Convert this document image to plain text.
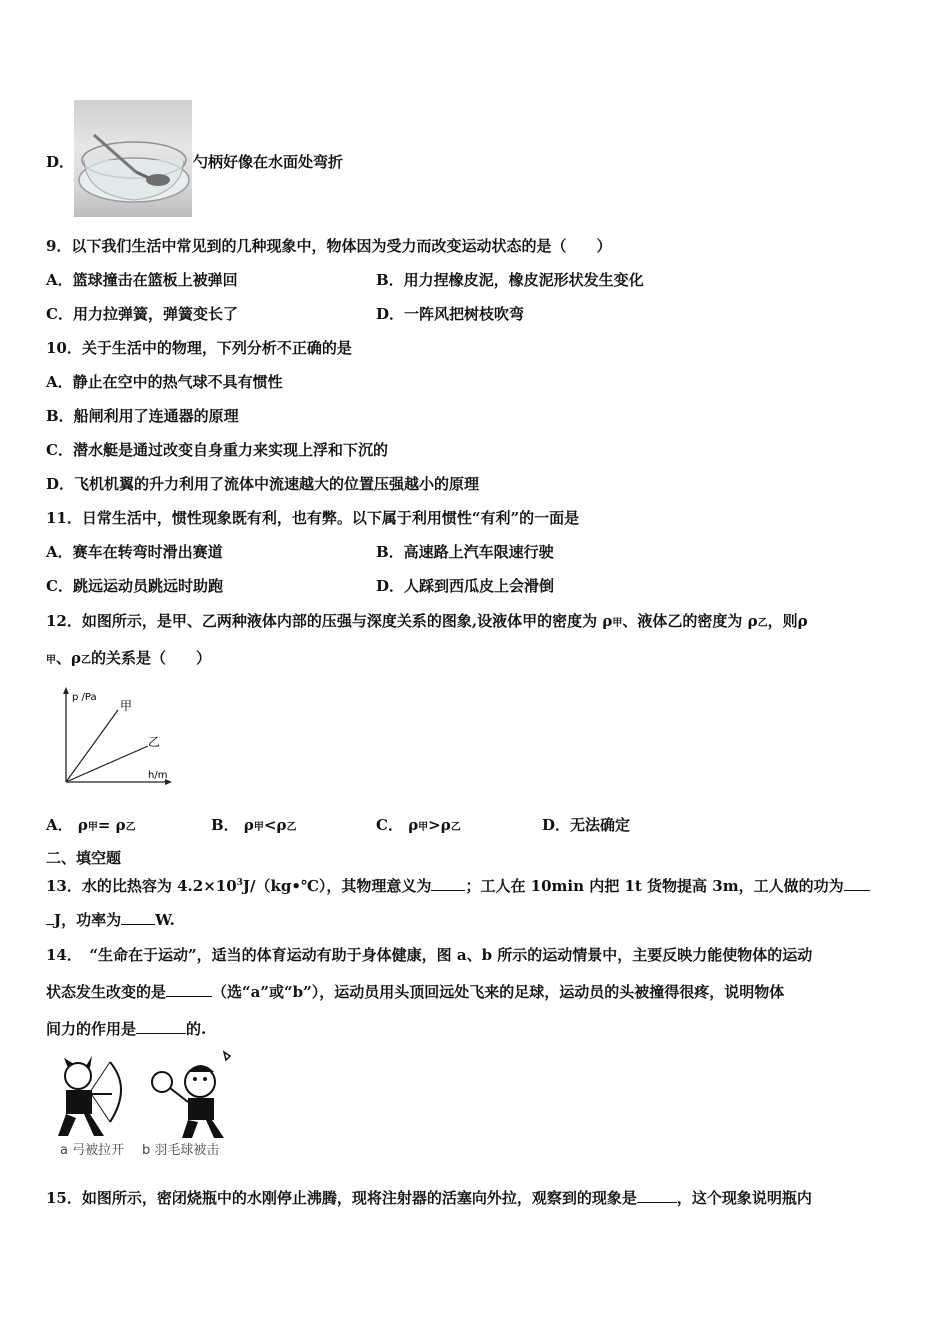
D．	勺柄好像在水面处弯折
9．以下我们生活中常见到的几种现象中，物体因为受力而改变运动状态的是（　　）
A．篮球撞击在篮板上被弹回	B．用力捏橡皮泥，橡皮泥形状发生变化
C．用力拉弹簧，弹簧变长了	D．一阵风把树枝吹弯
10．关于生活中的物理，下列分析不正确的是
A．静止在空中的热气球不具有惯性
B．船闸利用了连通器的原理
C．潜水艇是通过改变自身重力来实现上浮和下沉的
D．飞机机翼的升力利用了流体中流速越大的位置压强越小的原理
11．日常生活中，惯性现象既有利，也有弊。以下属于利用惯性“有利”的一面是
A．赛车在转弯时滑出赛道	B．高速路上汽车限速行驶
C．跳远运动员跳远时助跑	D．人踩到西瓜皮上会滑倒
12．如图所示，是甲、乙两种液体内部的压强与深度关系的图象,设液体甲的密度为 ρ甲、液体乙的密度为 ρ乙，则ρ
甲、ρ乙的关系是（　　）
p /Pa
h/m
甲
乙
A． ρ甲= ρ乙	B． ρ甲<ρ乙	C． ρ甲>ρ乙	D．无法确定
二、填空题
13．水的比热容为 $4.2\times 10^3J/(kg•℃)$，其物理意义为 ；工人在 10min 内把 1t 货物提高 3m，工人做的功为
J，功率为 W.
14．　“生命在于运动”，适当的体育运动有助于身体健康，图 a、b 所示的运动情景中，主要反映力能使物体的运动
状态发生改变的是	（选“a”或“b”），运动员用头顶回远处飞来的足球，运动员的头被撞得很疼，说明物体
间力的作用是	的.
a 弓被拉开 b 羽毛球被击
15．如图所示，密闭烧瓶中的水刚停止沸腾，现将注射器的活塞向外拉，观察到的现象是	，这个现象说明瓶内
